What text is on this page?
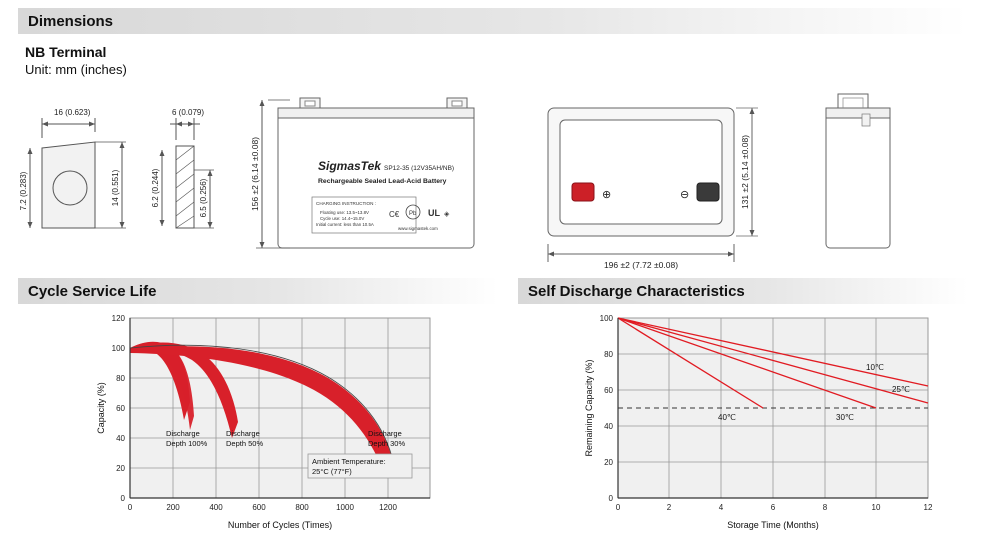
Dimensions
Cycle Service Life	Self Discharge Characteristics
NB Terminal
Unit: mm (inches)
SigmasTek SP12-35 (12V35AH/NB)
Rechargeable Sealed Lead-Acid Battery
CHARGING INSTRUCTION :
Floating use: 13.5~13.8V
Cycle use: 14.4~15.0V
Initial current: less than 10.5A
www.sigmastek.com
C€ Pb UL ◈
⊕	⊖
16 (0.623)
7.2 (0.283)	14 (0.551)
6 (0.079)
6.2 (0.244)	6.5 (0.256)	156 ±2 (6.14 ±0.08)
196 ±2 (7.72 ±0.08)
131 ±2 (5.14 ±0.08)
120
100
80
60
40
20
0
0	200	400	600	800	1000	1200
Number of Cycles (Times)
Capacity (%)	Discharge
Depth 100%
Discharge
Depth 50%
Discharge
Depth 30%
Ambient Temperature:
25°C (77°F)
100
80
60
40
20
0
0	2	4	6	8	10	12
Storage Time (Months)
Remaining Capacity (%)	10℃
25℃
30℃
40℃
